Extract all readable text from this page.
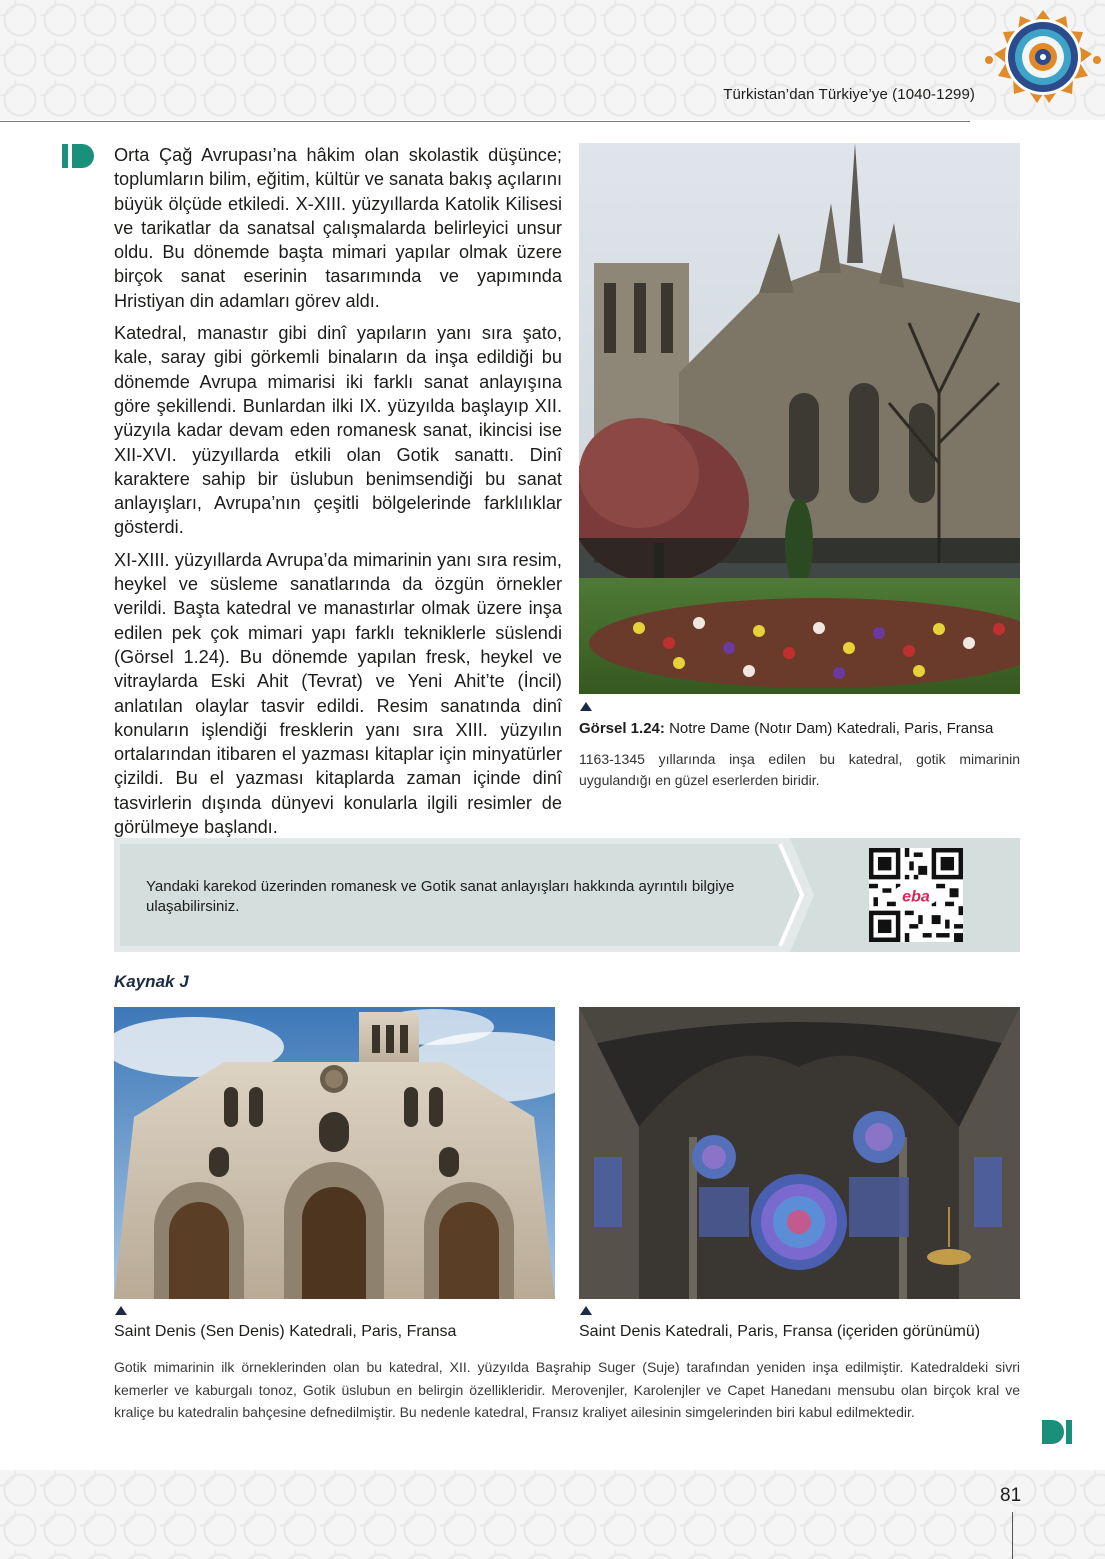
Türkistan’dan Türkiye’ye (1040-1299)

Orta Çağ Avrupası’na hâkim olan skolastik düşünce; toplumların bilim, eğitim, kültür ve sanata bakış açılarını büyük ölçüde etkiledi. X-XIII. yüzyıllarda Katolik Kilisesi ve tarikatlar da sanatsal çalışmalarda belirleyici unsur oldu. Bu dönemde başta mimari yapılar olmak üzere birçok sanat eserinin tasarımında ve yapımında Hristiyan din adamları görev aldı.

Katedral, manastır gibi dinî yapıların yanı sıra şato, kale, saray gibi görkemli binaların da inşa edildiği bu dönemde Avrupa mimarisi iki farklı sanat anlayışına göre şekillendi. Bunlardan ilki IX. yüzyılda başlayıp XII. yüzyıla kadar devam eden romanesk sanat, ikincisi ise XII-XVI. yüzyıllarda etkili olan Gotik sanattı. Dinî karaktere sahip bir üslubun benimsendiği bu sanat anlayışları, Avrupa’nın çeşitli bölgelerinde farklılıklar gösterdi.

XI-XIII. yüzyıllarda Avrupa’da mimarinin yanı sıra resim, heykel ve süsleme sanatlarında da özgün örnekler verildi. Başta katedral ve manastırlar olmak üzere inşa edilen pek çok mimari yapı farklı tekniklerle süslendi (Görsel 1.24). Bu dönemde yapılan fresk, heykel ve vitraylarda Eski Ahit (Tevrat) ve Yeni Ahit’te (İncil) anlatılan olaylar tasvir edildi. Resim sanatında dinî konuların işlendiği fresklerin yanı sıra XIII. yüzyılın ortalarından itibaren el yazması kitaplar için minyatürler çizildi. Bu el yazması kitaplarda zaman içinde dinî tasvirlerin dışında dünyevi konularla ilgili resimler de görülmeye başlandı.

Görsel 1.24: Notre Dame (Notır Dam) Katedrali, Paris, Fransa
1163-1345 yıllarında inşa edilen bu katedral, gotik mimarinin uygulandığı en güzel eserlerden biridir.
Yandaki karekod üzerinden romanesk ve Gotik sanat anlayışları hakkında ayrıntılı bilgiye ulaşabilirsiniz.
eba
Kaynak J
Saint Denis (Sen Denis) Katedrali, Paris, Fransa	Saint Denis Katedrali, Paris, Fransa (içeriden görünümü)
Gotik mimarinin ilk örneklerinden olan bu katedral, XII. yüzyılda Başrahip Suger (Suje) tarafından yeniden inşa edilmiştir. Katedraldeki sivri kemerler ve kaburgalı tonoz, Gotik üslubun en belirgin özellikleridir. Merovenjler, Karolenjler ve Capet Hanedanı mensubu olan birçok kral ve kraliçe bu katedralin bahçesine defnedilmiştir. Bu nedenle katedral, Fransız kraliyet ailesinin simgelerinden biri kabul edilmektedir.
81
